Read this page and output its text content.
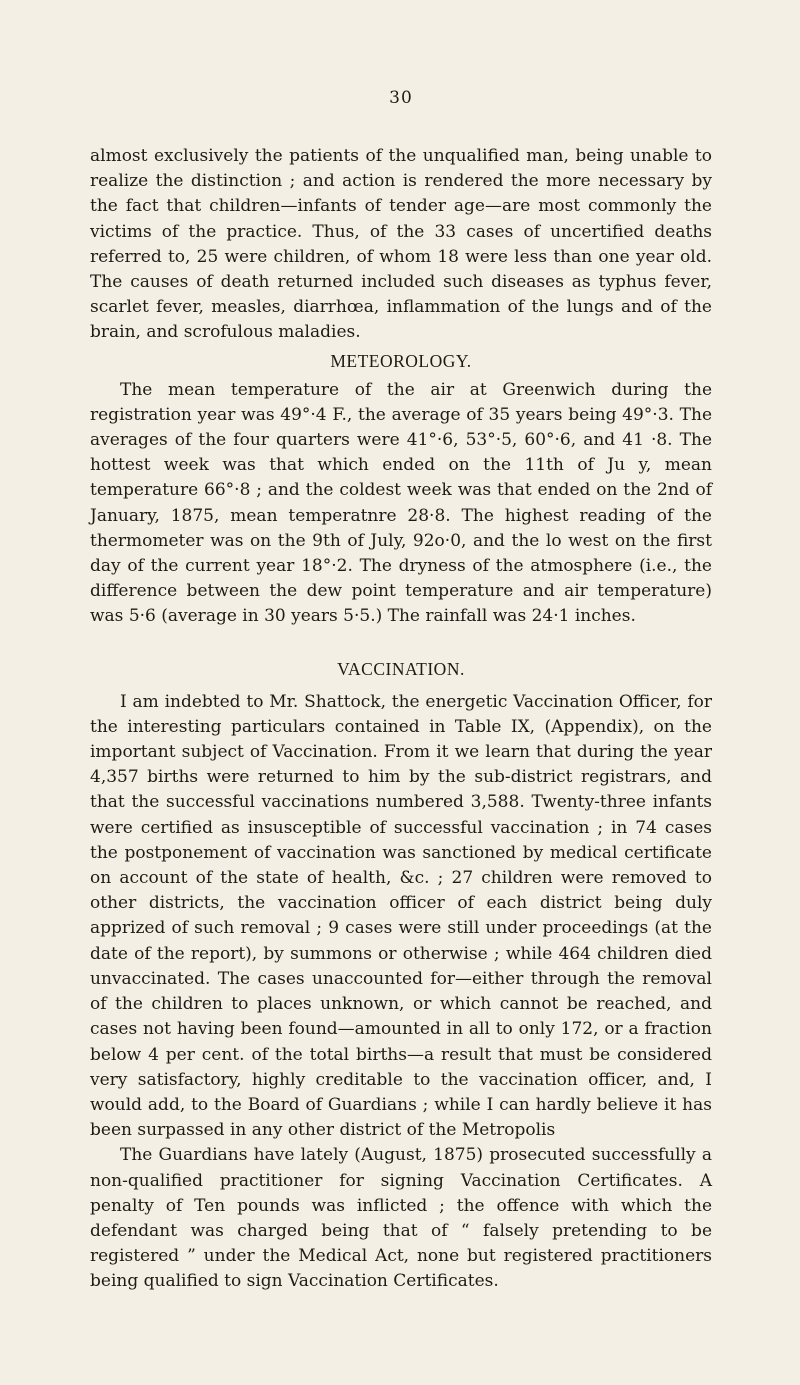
30

almost exclusively the patients of the unqualified man, being unable to realize the distinction ; and action is rendered the more necessary by the fact that children—infants of tender age—are most commonly the victims of the practice. Thus, of the 33 cases of uncertified deaths referred to, 25 were children, of whom 18 were less than one year old. The causes of death returned included such diseases as typhus fever, scarlet fever, measles, diarrhœa, inflammation of the lungs and of the brain, and scrofulous maladies.

METEOROLOGY.

The mean temperature of the air at Greenwich during the registration year was 49°·4 F., the average of 35 years being 49°·3. The averages of the four quarters were 41°·6, 53°·5, 60°·6, and 41 ·8. The hottest week was that which ended on the 11th of Ju y, mean temperature 66°·8 ; and the coldest week was that ended on the 2nd of January, 1875, mean temperatnre 28·8. The highest reading of the thermometer was on the 9th of July, 92o·0, and the lo west on the first day of the current year 18°·2. The dryness of the atmosphere (i.e., the difference between the dew point temperature and air temperature) was 5·6 (average in 30 years 5·5.) The rainfall was 24·1 inches.

VACCINATION.

I am indebted to Mr. Shattock, the energetic Vaccination Officer, for the interesting particulars contained in Table IX, (Appendix), on the important subject of Vaccination. From it we learn that during the year 4,357 births were returned to him by the sub-district registrars, and that the successful vaccinations numbered 3,588. Twenty-three infants were certified as insusceptible of successful vaccination ; in 74 cases the postponement of vaccination was sanctioned by medical certificate on account of the state of health, &c. ; 27 children were removed to other districts, the vaccination officer of each district being duly apprized of such removal ; 9 cases were still under proceedings (at the date of the report), by summons or otherwise ; while 464 children died unvaccinated. The cases unaccounted for—either through the removal of the children to places unknown, or which cannot be reached, and cases not having been found—amounted in all to only 172, or a fraction below 4 per cent. of the total births—a result that must be considered very satisfactory, highly creditable to the vaccination officer, and, I would add, to the Board of Guardians ; while I can hardly believe it has been surpassed in any other district of the Metropolis

The Guardians have lately (August, 1875) prosecuted successfully a non-qualified practitioner for signing Vaccination Certificates. A penalty of Ten pounds was inflicted ; the offence with which the defendant was charged being that of “ falsely pretending to be registered ” under the Medical Act, none but registered practitioners being qualified to sign Vaccination Certificates.
